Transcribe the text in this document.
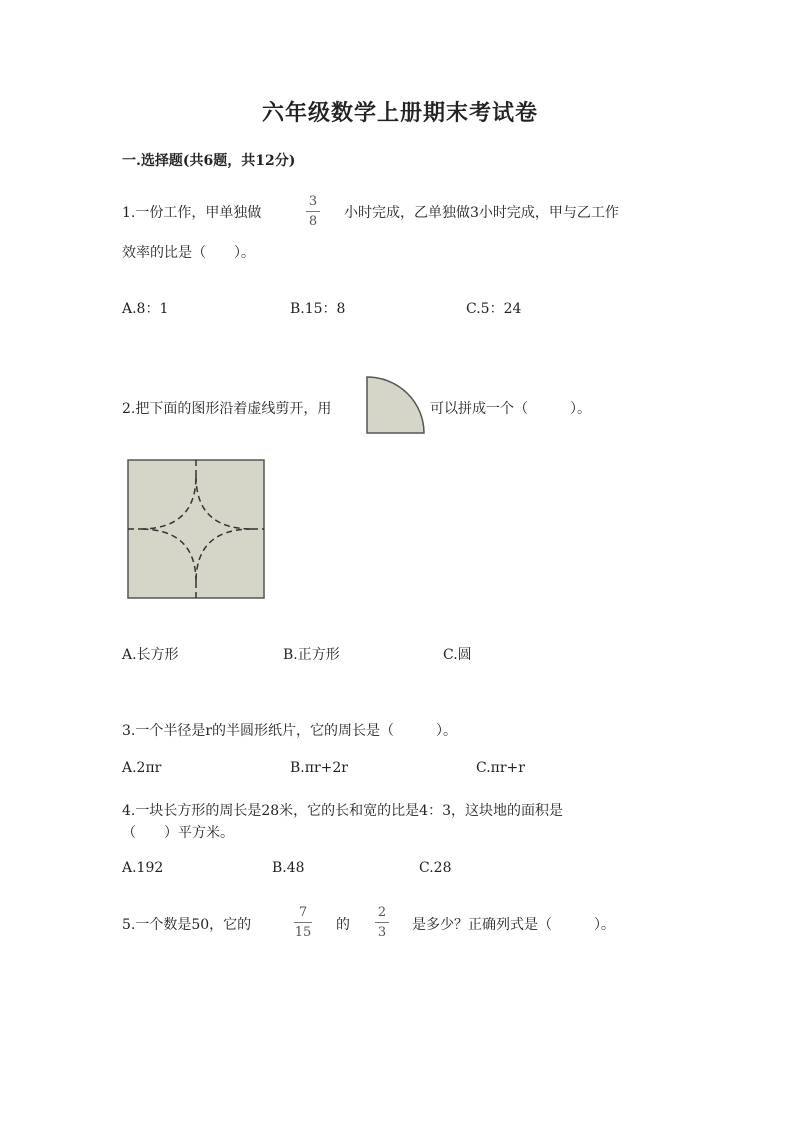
六年级数学上册期末考试卷
一.选择题(共6题，共12分)
1.一份工作，甲单独做
3
8
小时完成，乙单独做3小时完成，甲与乙工作
效率的比是（　　）。
A.8：1	B.15：8	C.5：24
2.把下面的图形沿着虚线剪开，用	可以拼成一个（　　　）。
A.长方形	B.正方形	C.圆
3.一个半径是r的半圆形纸片，它的周长是（　　　）。
A.2πr	B.πr+2r	C.πr+r
4.一块长方形的周长是28米，它的长和宽的比是4：3，这块地的面积是
（　　）平方米。
A.192	B.48	C.28
5.一个数是50，它的
7
15 的
2
3 是多少？正确列式是（　　　）。
